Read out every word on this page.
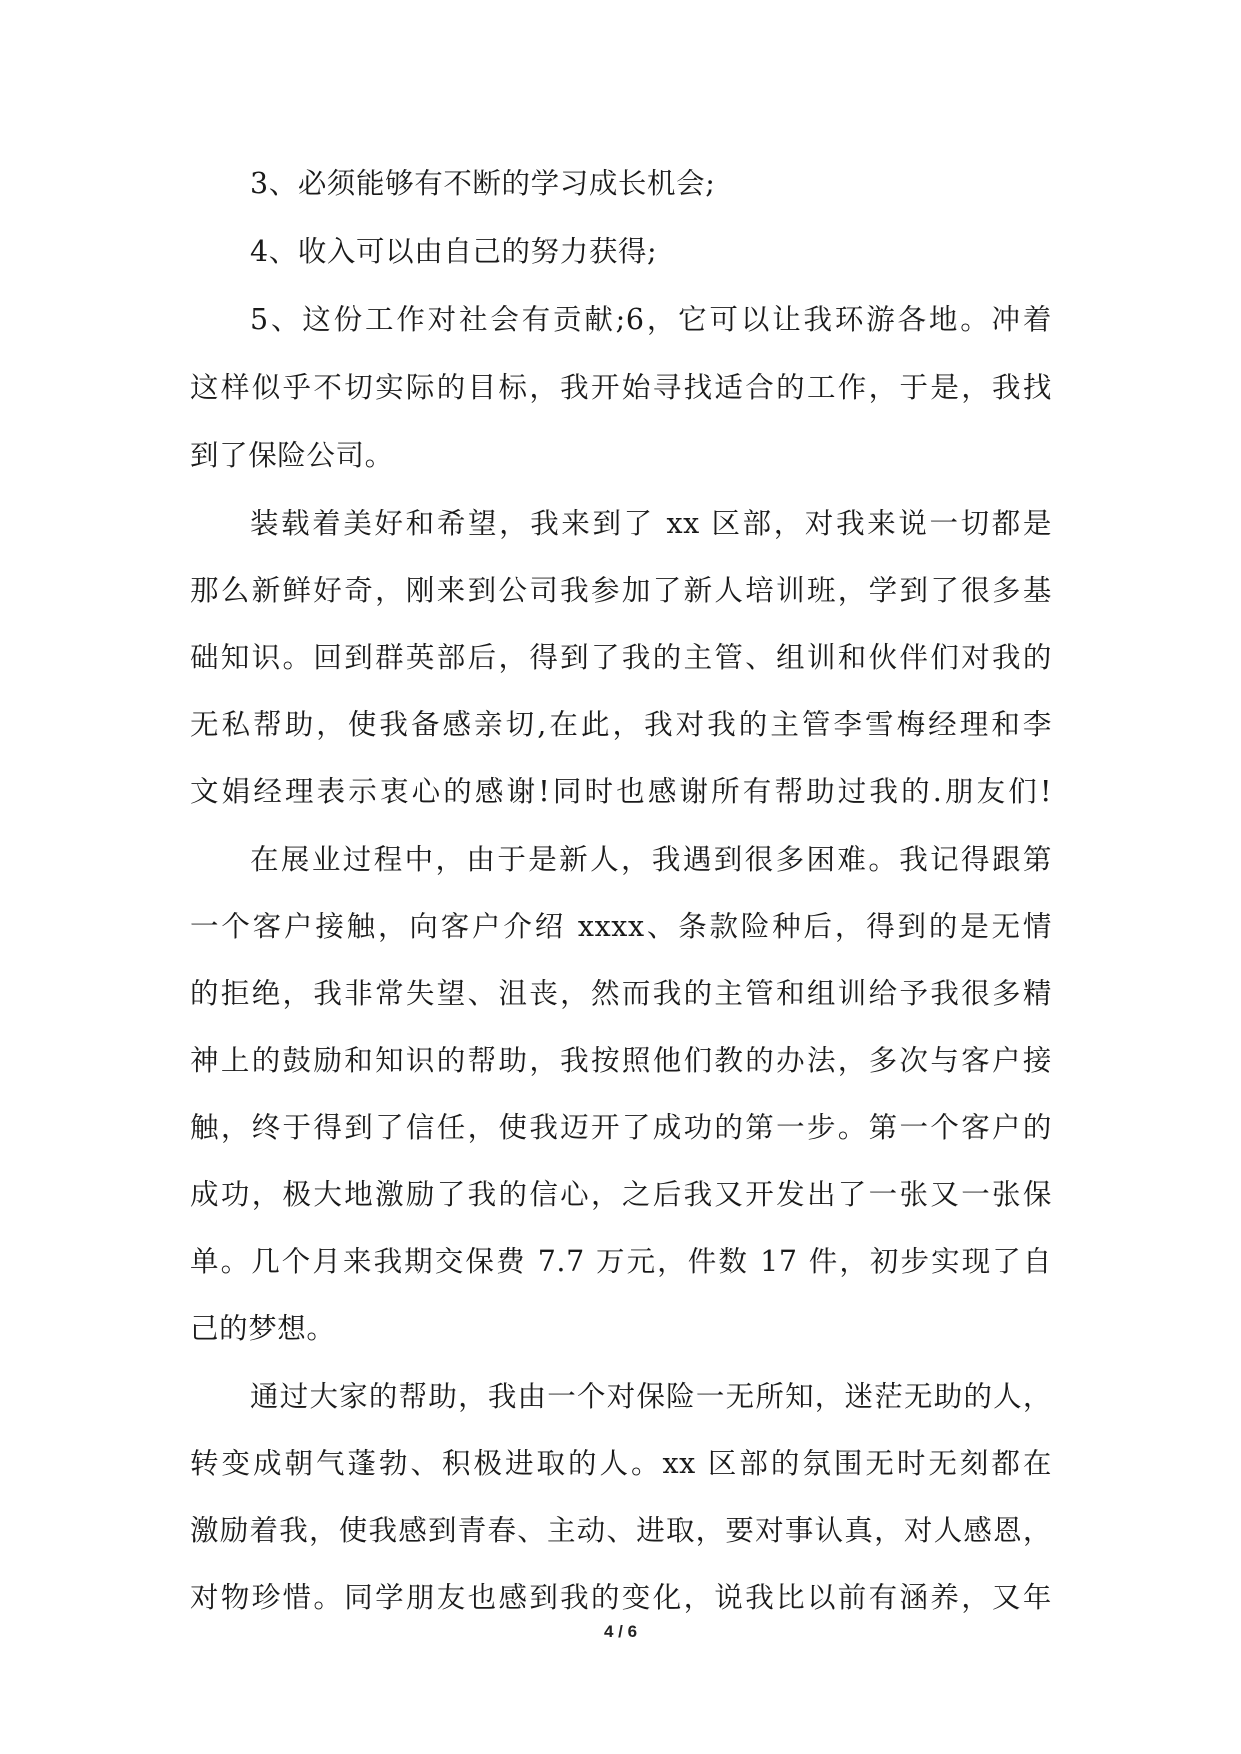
3、必须能够有不断的学习成长机会;
4、收入可以由自己的努力获得;
5、这份工作对社会有贡献;6，它可以让我环游各地。冲着
这样似乎不切实际的目标，我开始寻找适合的工作，于是，我找
到了保险公司。
装载着美好和希望，我来到了 xx 区部，对我来说一切都是
那么新鲜好奇，刚来到公司我参加了新人培训班，学到了很多基
础知识。回到群英部后，得到了我的主管、组训和伙伴们对我的
无私帮助，使我备感亲切,在此，我对我的主管李雪梅经理和李
文娟经理表示衷心的感谢!同时也感谢所有帮助过我的.朋友们!
在展业过程中，由于是新人，我遇到很多困难。我记得跟第
一个客户接触，向客户介绍 xxxx、条款险种后，得到的是无情
的拒绝，我非常失望、沮丧，然而我的主管和组训给予我很多精
神上的鼓励和知识的帮助，我按照他们教的办法，多次与客户接
触，终于得到了信任，使我迈开了成功的第一步。第一个客户的
成功，极大地激励了我的信心，之后我又开发出了一张又一张保
单。几个月来我期交保费 7.7 万元，件数 17 件，初步实现了自
己的梦想。
通过大家的帮助，我由一个对保险一无所知，迷茫无助的人，
转变成朝气蓬勃、积极进取的人。xx 区部的氛围无时无刻都在
激励着我，使我感到青春、主动、进取，要对事认真，对人感恩，
对物珍惜。同学朋友也感到我的变化，说我比以前有涵养，又年
4 / 6
